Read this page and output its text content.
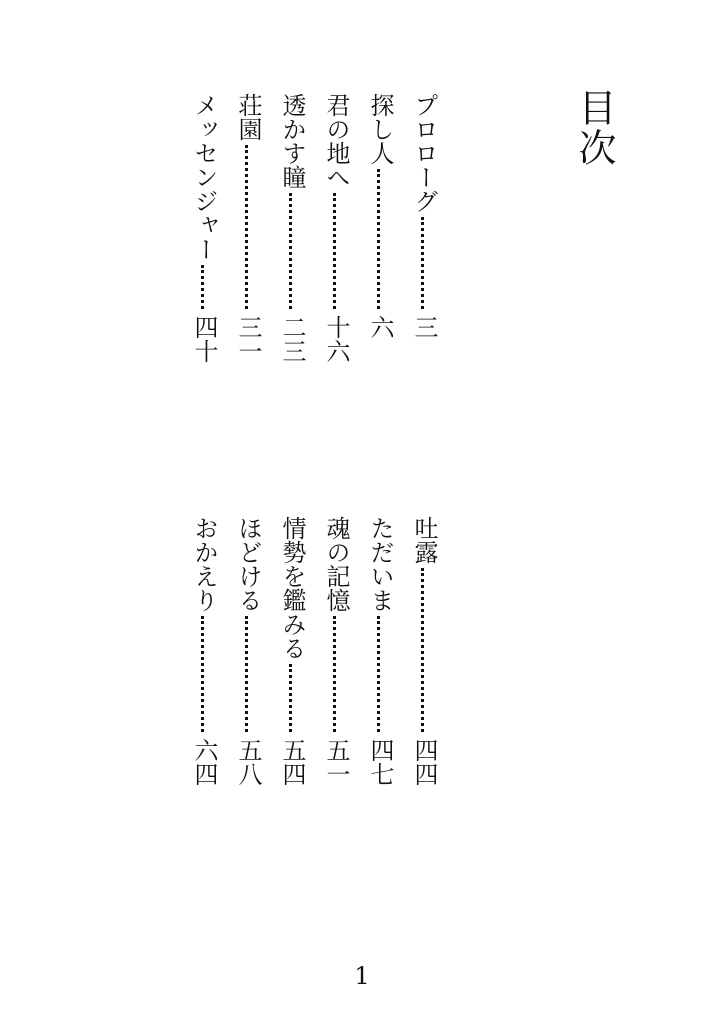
目次
プロローグ
三
探し人
六
君の地へ
十六
透かす瞳
二三
荘園
三一
メッセンジャー
四十
吐露
四四
ただいま
四七
魂の記憶
五一
情勢を鑑みる
五四
ほどける
五八
おかえり
六四
1
